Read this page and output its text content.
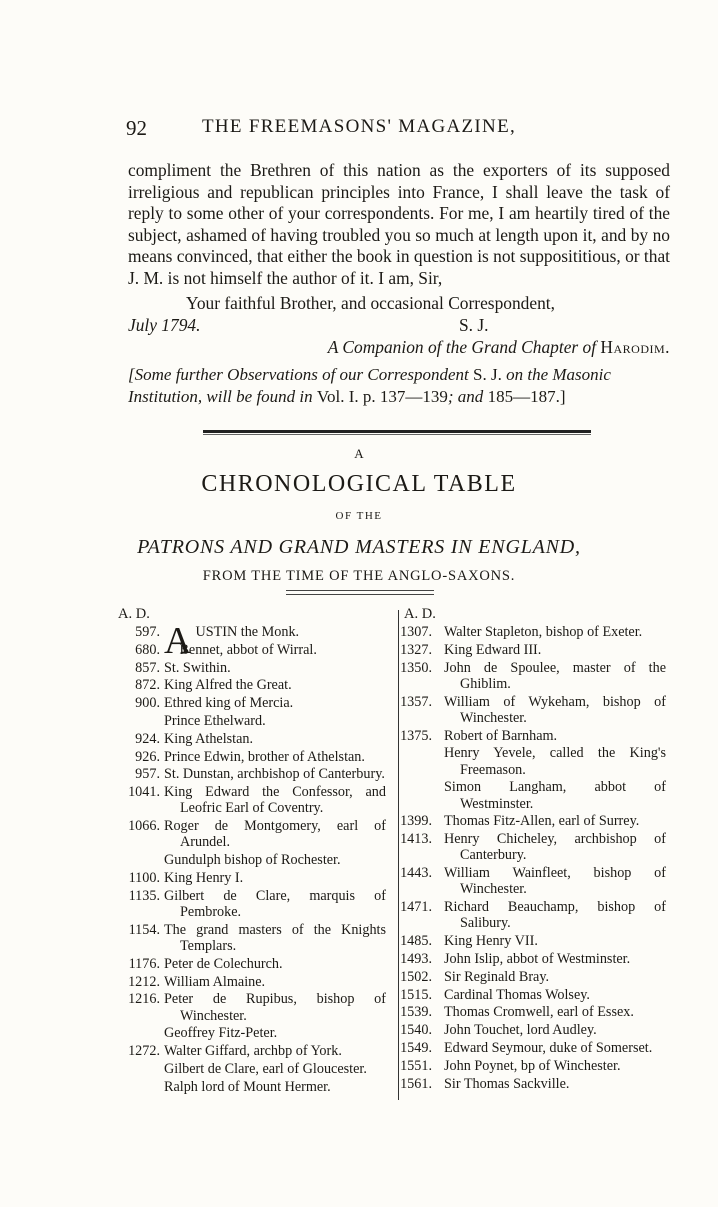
92	THE FREEMASONS' MAGAZINE,

compliment the Brethren of this nation as the exporters of its supposed irreligious and republican principles into France, I shall leave the task of reply to some other of your correspondents. For me, I am heartily tired of the subject, ashamed of having troubled you so much at length upon it, and by no means convinced, that either the book in question is not supposititious, or that J. M. is not himself the author of it. I am, Sir,

Your faithful Brother, and occasional Correspondent,
July 1794.	S. J.
A Companion of the Grand Chapter of Harodim.
[Some further Observations of our Correspondent S. J. on the Masonic Institution, will be found in Vol. I. p. 137—139; and 185—187.]
A
CHRONOLOGICAL TABLE
OF THE
PATRONS AND GRAND MASTERS IN ENGLAND,
FROM THE TIME OF THE ANGLO-SAXONS.
A. D.
597 . AUSTIN the Monk.
680 .	Bennet, abbot of Wirral.
857 . St. Swithin.
872 . King Alfred the Great.
900 . Ethred king of Mercia.
Prince Ethelward.
924 . King Athelstan.
926 . Prince Edwin, brother of Athelstan.
957 . St. Dunstan, archbishop of Canterbury.
1041 . King Edward the Confessor, and Leofric Earl of Coventry.
1066 . Roger de Montgomery, earl of Arundel.
Gundulph bishop of Rochester.
1100 . King Henry I.
1135 . Gilbert de Clare, marquis of Pembroke.
1154 . The grand masters of the Knights Templars.
1176 . Peter de Colechurch.
1212 . William Almaine.
1216 . Peter de Rupibus, bishop of Winchester.
Geoffrey Fitz-Peter.
1272 . Walter Giffard, archbp of York.
Gilbert de Clare, earl of Gloucester.
Ralph lord of Mount Hermer.
A. D.
1307 . Walter Stapleton, bishop of Exeter.
1327 . King Edward III.
1350 . John de Spoulee, master of the Ghiblim.
1357 . William of Wykeham, bishop of Winchester.
1375 . Robert of Barnham.
Henry Yevele, called the King's Freemason.
Simon Langham, abbot of Westminster.
1399 . Thomas Fitz-Allen, earl of Surrey.
1413 . Henry Chicheley, archbishop of Canterbury.
1443 . William Wainfleet, bishop of Winchester.
1471 . Richard Beauchamp, bishop of Salibury.
1485 . King Henry VII.
1493 . John Islip, abbot of Westminster.
1502 . Sir Reginald Bray.
1515 . Cardinal Thomas Wolsey.
1539 . Thomas Cromwell, earl of Essex.
1540 . John Touchet, lord Audley.
1549 . Edward Seymour, duke of Somerset.
1551 . John Poynet, bp of Winchester.
1561 . Sir Thomas Sackville.
